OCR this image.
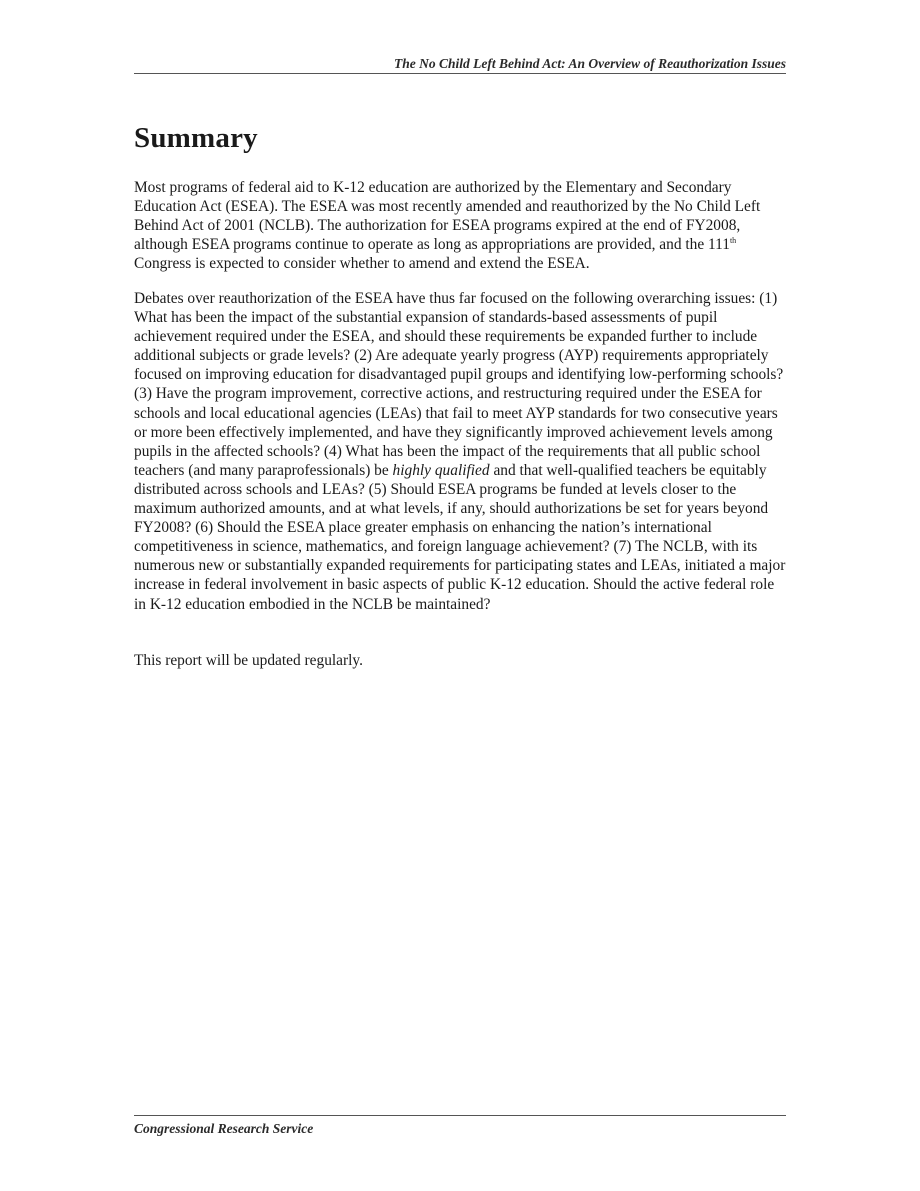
The No Child Left Behind Act: An Overview of Reauthorization Issues
Summary

Most programs of federal aid to K-12 education are authorized by the Elementary and Secondary Education Act (ESEA). The ESEA was most recently amended and reauthorized by the No Child Left Behind Act of 2001 (NCLB). The authorization for ESEA programs expired at the end of FY2008, although ESEA programs continue to operate as long as appropriations are provided, and the 111th Congress is expected to consider whether to amend and extend the ESEA.

Debates over reauthorization of the ESEA have thus far focused on the following overarching issues: (1) What has been the impact of the substantial expansion of standards-based assessments of pupil achievement required under the ESEA, and should these requirements be expanded further to include additional subjects or grade levels? (2) Are adequate yearly progress (AYP) requirements appropriately focused on improving education for disadvantaged pupil groups and identifying low-performing schools? (3) Have the program improvement, corrective actions, and restructuring required under the ESEA for schools and local educational agencies (LEAs) that fail to meet AYP standards for two consecutive years or more been effectively implemented, and have they significantly improved achievement levels among pupils in the affected schools? (4) What has been the impact of the requirements that all public school teachers (and many paraprofessionals) be highly qualified and that well-qualified teachers be equitably distributed across schools and LEAs? (5) Should ESEA programs be funded at levels closer to the maximum authorized amounts, and at what levels, if any, should authorizations be set for years beyond FY2008? (6) Should the ESEA place greater emphasis on enhancing the nation’s international competitiveness in science, mathematics, and foreign language achievement? (7) The NCLB, with its numerous new or substantially expanded requirements for participating states and LEAs, initiated a major increase in federal involvement in basic aspects of public K-12 education. Should the active federal role in K-12 education embodied in the NCLB be maintained?

This report will be updated regularly.

Congressional Research Service
